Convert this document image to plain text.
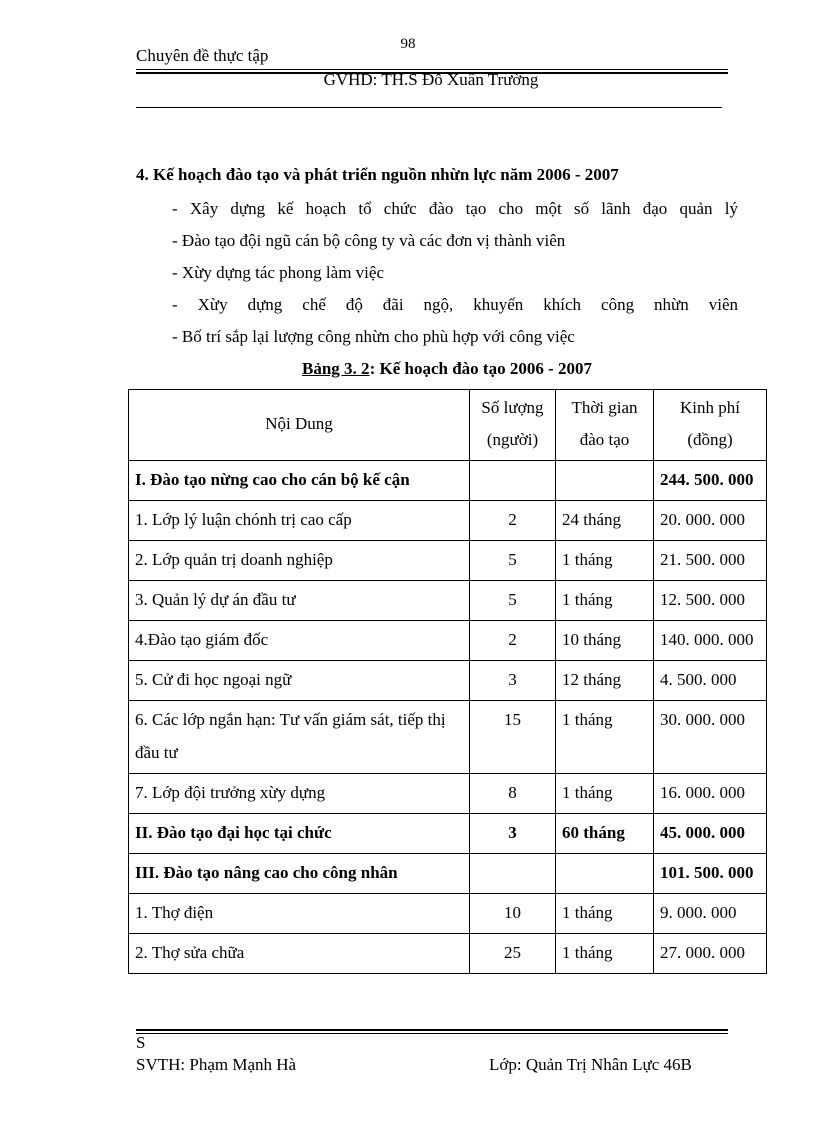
98
Chuyên đề thực tập
GVHD: TH.S Đỗ Xuân Trường
4. Kế hoạch đào tạo và phát triển nguồn nhừn lực năm 2006 - 2007
- Xây dựng kế hoạch tổ chức đào tạo cho một số lãnh đạo quản lý
- Đào tạo đội ngũ cán bộ công ty và các đơn vị thành viên
- Xừy dựng tác phong làm việc
- Xừy dựng chế độ đãi ngộ, khuyến khích công nhừn viên
- Bố trí sắp lại lượng công nhừn cho phù hợp với công việc
Bảng 3. 2: Kế hoạch đào tạo 2006 - 2007
Nội Dung	Số lượng (người)	Thời gian đào tạo	Kinh phí (đồng)
I. Đào tạo nừng cao cho cán bộ kế cận			244. 500. 000
1. Lớp lý luận chónh trị cao cấp	2	24 tháng	20. 000. 000
2. Lớp quản trị doanh nghiệp	5	1 tháng	21. 500. 000
3. Quản lý dự án đầu tư	5	1 tháng	12. 500. 000
4.Đào tạo giám đốc	2	10 tháng	140. 000. 000
5. Cử đi học ngoại ngữ	3	12 tháng	4. 500. 000
6. Các lớp ngắn hạn: Tư vấn giám sát, tiếp thị đầu tư	15	1 tháng	30. 000. 000
7. Lớp đội trưởng xừy dựng	8	1 tháng	16. 000. 000
II. Đào tạo đại học tại chức	3	60 tháng	45. 000. 000
III. Đào tạo nâng cao cho công nhân			101. 500. 000
1. Thợ điện	10	1 tháng	9. 000. 000
2. Thợ sửa chữa	25	1 tháng	27. 000. 000
S
SVTH: Phạm Mạnh Hà	Lớp: Quản Trị Nhân Lực 46B
